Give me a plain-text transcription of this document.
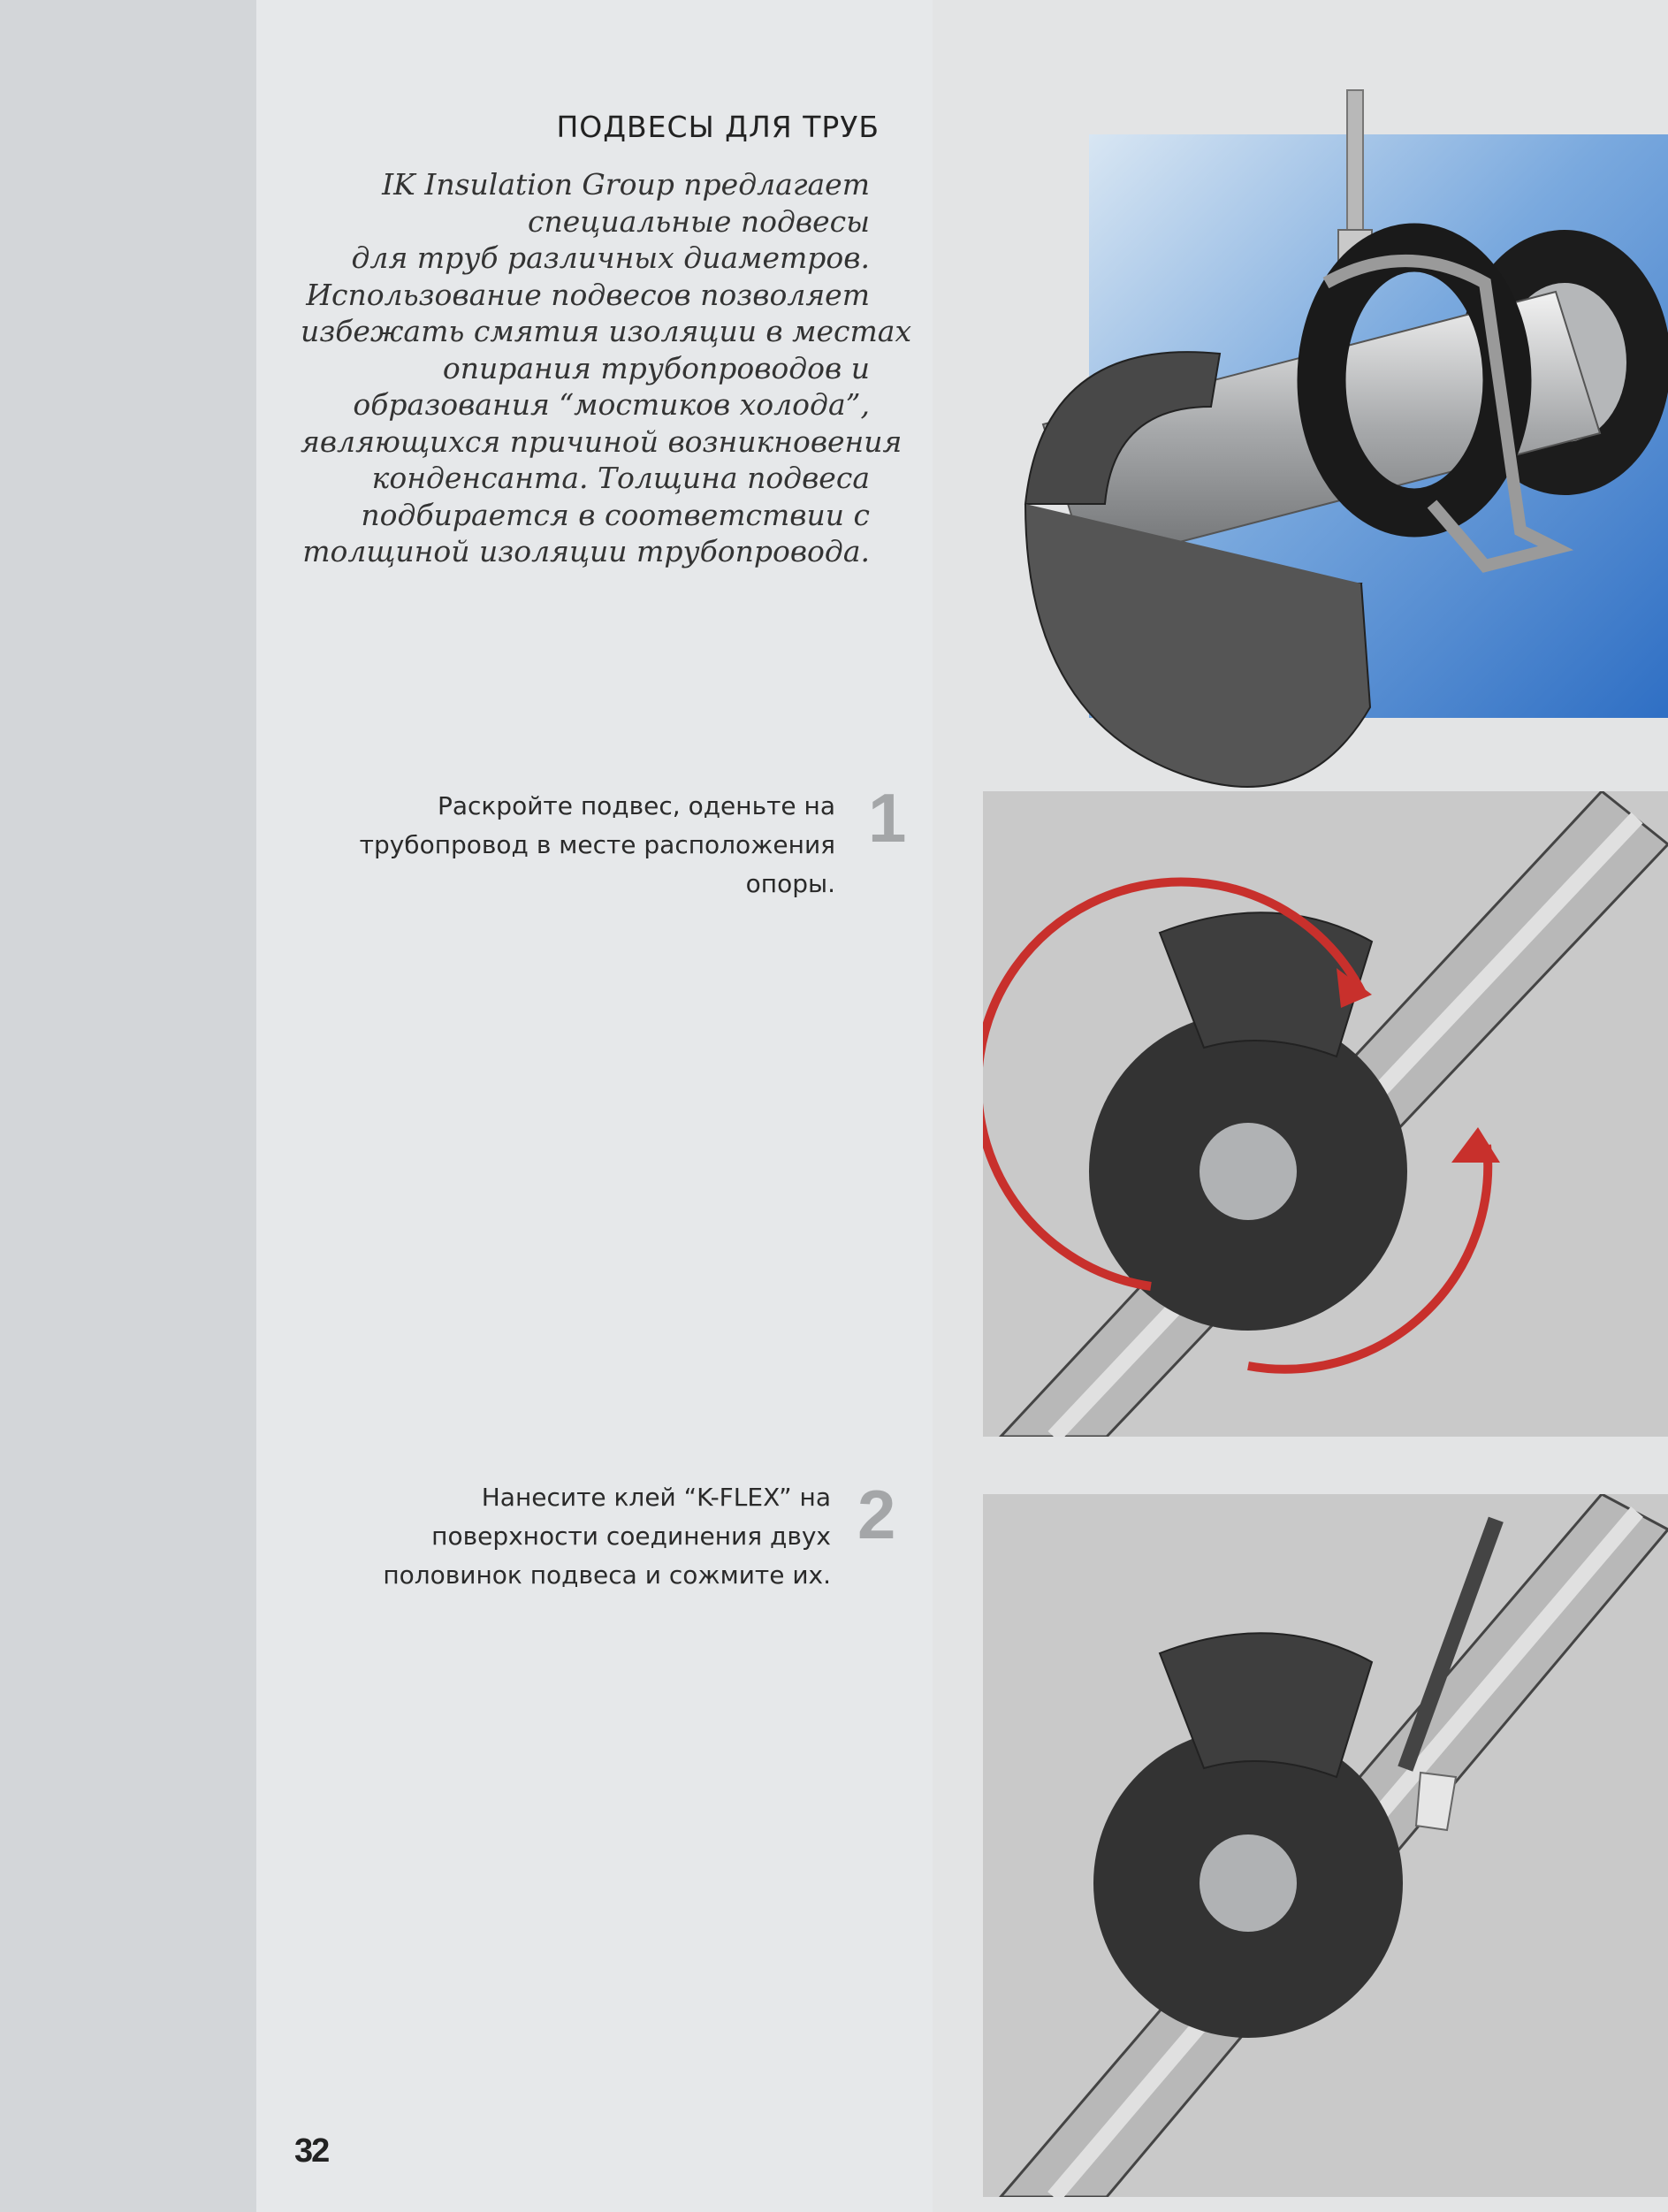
ПОДВЕСЫ ДЛЯ ТРУБ
IK Insulation Group предлагает
специальные подвесы
для труб различных диаметров.
Использование подвесов позволяет
избежать смятия изоляции в местах
опирания трубопроводов и
образования “мостиков холода”,
являющихся причиной возникновения
конденсанта. Толщина подвеса
подбирается в соответствии с
толщиной изоляции трубопровода.
Раскройте подвес, оденьте на
трубопровод в месте расположения
опоры.
1
Нанесите клей “K-FLEX” на
поверхности соединения двух
половинок подвеса и сожмите их.
2
32
